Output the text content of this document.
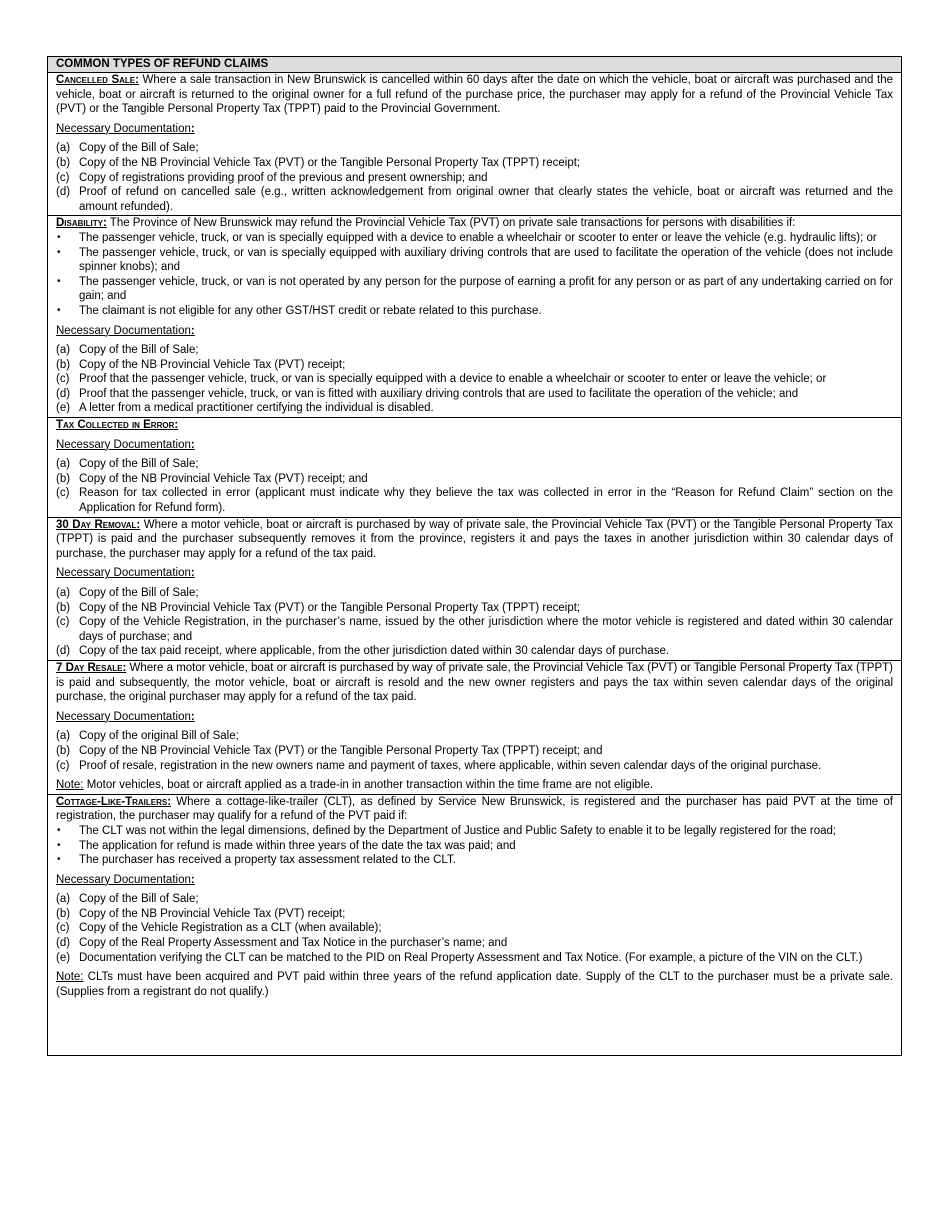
COMMON TYPES OF REFUND CLAIMS

Cancelled Sale: Where a sale transaction in New Brunswick is cancelled within 60 days after the date on which the vehicle, boat or aircraft was purchased and the vehicle, boat or aircraft is returned to the original owner for a full refund of the purchase price, the purchaser may apply for a refund of the Provincial Vehicle Tax (PVT) or the Tangible Personal Property Tax (TPPT) paid to the Provincial Government.

Necessary Documentation:

(a) Copy of the Bill of Sale;
(b) Copy of the NB Provincial Vehicle Tax (PVT) or the Tangible Personal Property Tax (TPPT) receipt;
(c) Copy of registrations providing proof of the previous and present ownership; and
(d) Proof of refund on cancelled sale (e.g., written acknowledgement from original owner that clearly states the vehicle, boat or aircraft was returned and the amount refunded).

Disability: The Province of New Brunswick may refund the Provincial Vehicle Tax (PVT) on private sale transactions for persons with disabilities if:

• The passenger vehicle, truck, or van is specially equipped with a device to enable a wheelchair or scooter to enter or leave the vehicle (e.g. hydraulic lifts); or
• The passenger vehicle, truck, or van is specially equipped with auxiliary driving controls that are used to facilitate the operation of the vehicle (does not include spinner knobs); and
• The passenger vehicle, truck, or van is not operated by any person for the purpose of earning a profit for any person or as part of any undertaking carried on for gain; and
• The claimant is not eligible for any other GST/HST credit or rebate related to this purchase.

Necessary Documentation:

(a) Copy of the Bill of Sale;
(b) Copy of the NB Provincial Vehicle Tax (PVT) receipt;
(c) Proof that the passenger vehicle, truck, or van is specially equipped with a device to enable a wheelchair or scooter to enter or leave the vehicle; or
(d) Proof that the passenger vehicle, truck, or van is fitted with auxiliary driving controls that are used to facilitate the operation of the vehicle; and
(e) A letter from a medical practitioner certifying the individual is disabled.

Tax Collected in Error:

Necessary Documentation:

(a) Copy of the Bill of Sale;
(b) Copy of the NB Provincial Vehicle Tax (PVT) receipt; and
(c) Reason for tax collected in error (applicant must indicate why they believe the tax was collected in error in the “Reason for Refund Claim” section on the Application for Refund form).

30 Day Removal: Where a motor vehicle, boat or aircraft is purchased by way of private sale, the Provincial Vehicle Tax (PVT) or the Tangible Personal Property Tax (TPPT) is paid and the purchaser subsequently removes it from the province, registers it and pays the taxes in another jurisdiction within 30 calendar days of purchase, the purchaser may apply for a refund of the tax paid.

Necessary Documentation:

(a) Copy of the Bill of Sale;
(b) Copy of the NB Provincial Vehicle Tax (PVT) or the Tangible Personal Property Tax (TPPT) receipt;
(c) Copy of the Vehicle Registration, in the purchaser’s name, issued by the other jurisdiction where the motor vehicle is registered and dated within 30 calendar days of purchase; and
(d) Copy of the tax paid receipt, where applicable, from the other jurisdiction dated within 30 calendar days of purchase.

7 Day Resale: Where a motor vehicle, boat or aircraft is purchased by way of private sale, the Provincial Vehicle Tax (PVT) or Tangible Personal Property Tax (TPPT) is paid and subsequently, the motor vehicle, boat or aircraft is resold and the new owner registers and pays the tax within seven calendar days of the original purchase, the original purchaser may apply for a refund of the tax paid.

Necessary Documentation:

(a) Copy of the original Bill of Sale;
(b) Copy of the NB Provincial Vehicle Tax (PVT) or the Tangible Personal Property Tax (TPPT) receipt; and
(c) Proof of resale, registration in the new owners name and payment of taxes, where applicable, within seven calendar days of the original purchase.

Note: Motor vehicles, boat or aircraft applied as a trade-in in another transaction within the time frame are not eligible.

Cottage-Like-Trailers: Where a cottage-like-trailer (CLT), as defined by Service New Brunswick, is registered and the purchaser has paid PVT at the time of registration, the purchaser may qualify for a refund of the PVT paid if:

• The CLT was not within the legal dimensions, defined by the Department of Justice and Public Safety to enable it to be legally registered for the road;
• The application for refund is made within three years of the date the tax was paid; and
• The purchaser has received a property tax assessment related to the CLT.

Necessary Documentation:

(a) Copy of the Bill of Sale;
(b) Copy of the NB Provincial Vehicle Tax (PVT) receipt;
(c) Copy of the Vehicle Registration as a CLT (when available);
(d) Copy of the Real Property Assessment and Tax Notice in the purchaser’s name; and
(e) Documentation verifying the CLT can be matched to the PID on Real Property Assessment and Tax Notice. (For example, a picture of the VIN on the CLT.)

Note: CLTs must have been acquired and PVT paid within three years of the refund application date. Supply of the CLT to the purchaser must be a private sale. (Supplies from a registrant do not qualify.)
